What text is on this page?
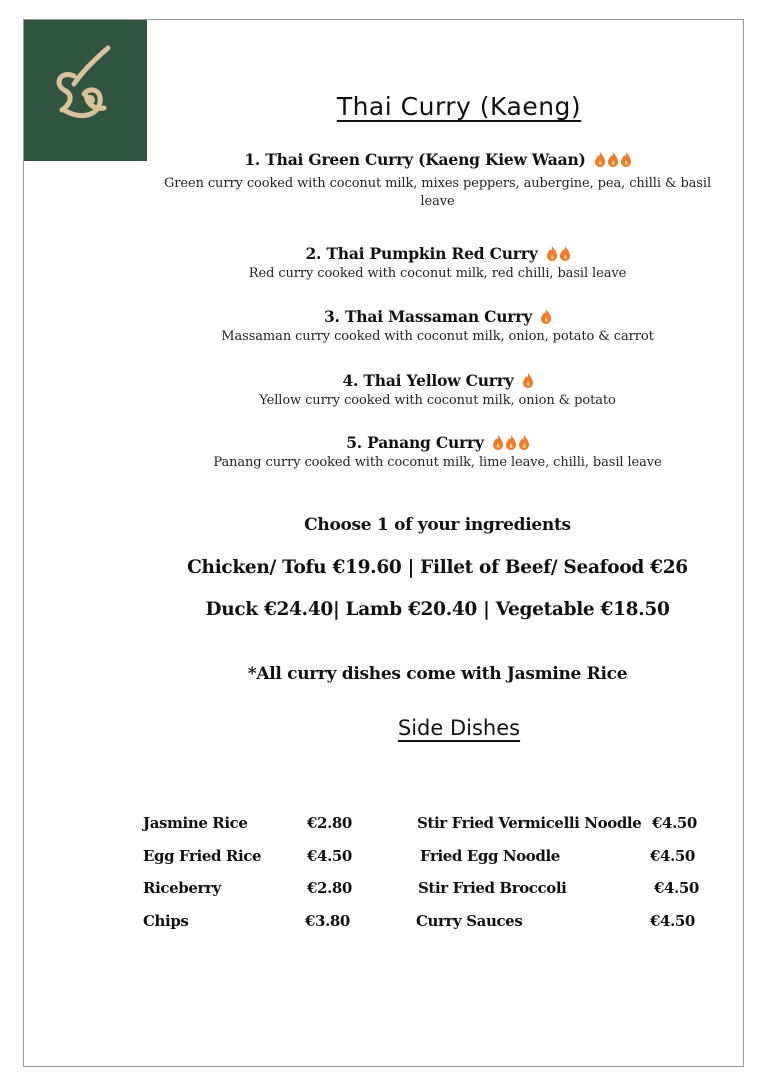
Thai Curry (Kaeng)
1. Thai Green Curry (Kaeng Kiew Waan)
Green curry cooked with coconut milk, mixes peppers, aubergine, pea, chilli & basil leave
2. Thai Pumpkin Red Curry
Red curry cooked with coconut milk, red chilli, basil leave
3. Thai Massaman Curry
Massaman curry cooked with coconut milk, onion, potato & carrot
4. Thai Yellow Curry
Yellow curry cooked with coconut milk, onion & potato
5. Panang Curry
Panang curry cooked with coconut milk, lime leave, chilli, basil leave
Choose 1 of your ingredients
Chicken/ Tofu €19.60 | Fillet of Beef/ Seafood €26
Duck €24.40| Lamb €20.40 | Vegetable €18.50
*All curry dishes come with Jasmine Rice
Side Dishes
Jasmine Rice	€2.80
Egg Fried Rice	€4.50
Riceberry	€2.80
Chips	€3.80
Stir Fried Vermicelli Noodle €4.50
Fried Egg Noodle	€4.50
Stir Fried Broccoli	€4.50
Curry Sauces	€4.50
